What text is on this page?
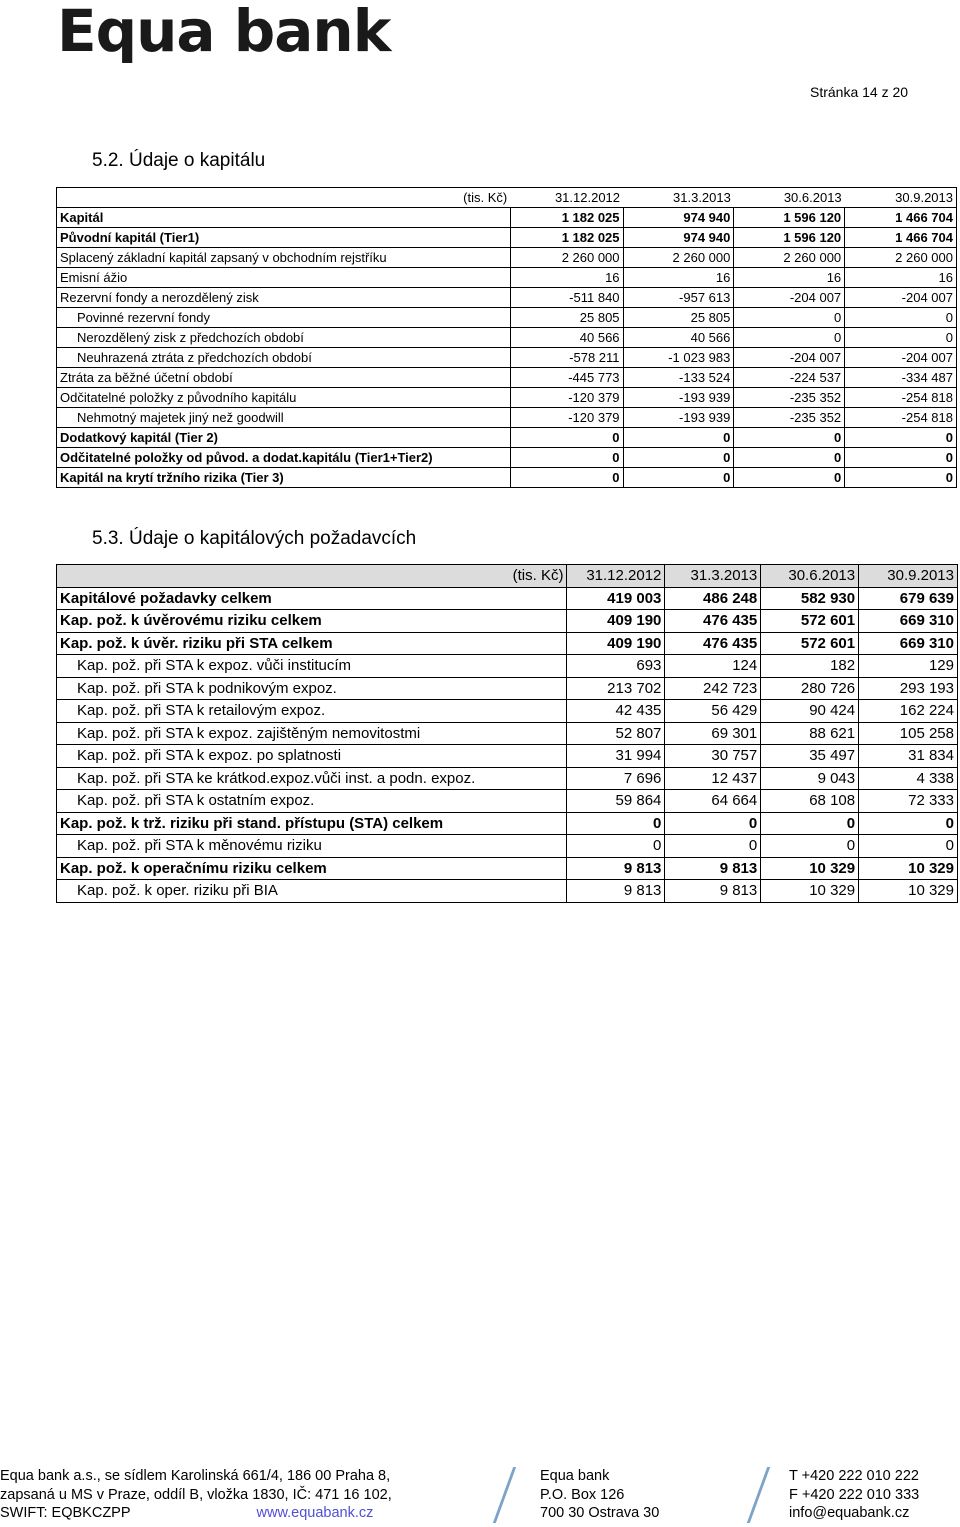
Equa bank
Stránka 14 z 20
5.2. Údaje o kapitálu
(tis. Kč)	31.12.2012	31.3.2013	30.6.2013	30.9.2013
Kapitál	1 182 025	974 940	1 596 120	1 466 704
Původní kapitál (Tier1)	1 182 025	974 940	1 596 120	1 466 704
Splacený základní kapitál zapsaný v obchodním rejstříku	2 260 000	2 260 000	2 260 000	2 260 000
Emisní ážio	16	16	16	16
Rezervní fondy a nerozdělený zisk	-511 840	-957 613	-204 007	-204 007
Povinné rezervní fondy	25 805	25 805	0	0
Nerozdělený zisk z předchozích období	40 566	40 566	0	0
Neuhrazená ztráta z předchozích období	-578 211	-1 023 983	-204 007	-204 007
Ztráta za běžné účetní období	-445 773	-133 524	-224 537	-334 487
Odčitatelné položky z původního kapitálu	-120 379	-193 939	-235 352	-254 818
Nehmotný majetek jiný než goodwill	-120 379	-193 939	-235 352	-254 818
Dodatkový kapitál (Tier 2)	0	0	0	0
Odčitatelné položky od původ. a dodat.kapitálu (Tier1+Tier2)	0	0	0	0
Kapitál na krytí tržního rizika (Tier 3)	0	0	0	0
5.3. Údaje o kapitálových požadavcích
(tis. Kč)	31.12.2012	31.3.2013	30.6.2013	30.9.2013
Kapitálové požadavky celkem	419 003	486 248	582 930	679 639
Kap. pož. k úvěrovému riziku celkem	409 190	476 435	572 601	669 310
Kap. pož. k úvěr. riziku při STA celkem	409 190	476 435	572 601	669 310
Kap. pož. při STA k expoz. vůči institucím	693	124	182	129
Kap. pož. při STA k podnikovým expoz.	213 702	242 723	280 726	293 193
Kap. pož. při STA k retailovým expoz.	42 435	56 429	90 424	162 224
Kap. pož. při STA k expoz. zajištěným nemovitostmi	52 807	69 301	88 621	105 258
Kap. pož. při STA k expoz. po splatnosti	31 994	30 757	35 497	31 834
Kap. pož. při STA ke krátkod.expoz.vůči inst. a podn. expoz.	7 696	12 437	9 043	4 338
Kap. pož. při STA k ostatním expoz.	59 864	64 664	68 108	72 333
Kap. pož. k trž. riziku při stand. přístupu (STA) celkem	0	0	0	0
Kap. pož. při STA k měnovému riziku	0	0	0	0
Kap. pož. k operačnímu riziku celkem	9 813	9 813	10 329	10 329
Kap. pož. k oper. riziku při BIA	9 813	9 813	10 329	10 329
Equa bank a.s., se sídlem Karolinská 661/4, 186 00 Praha 8,
zapsaná u MS v Praze, oddíl B, vložka 1830, IČ: 471 16 102,
SWIFT: EQBKCZPP	www.equabank.cz
Equa bank
P.O. Box 126
700 30 Ostrava 30
T +420 222 010 222
F +420 222 010 333
info@equabank.cz
